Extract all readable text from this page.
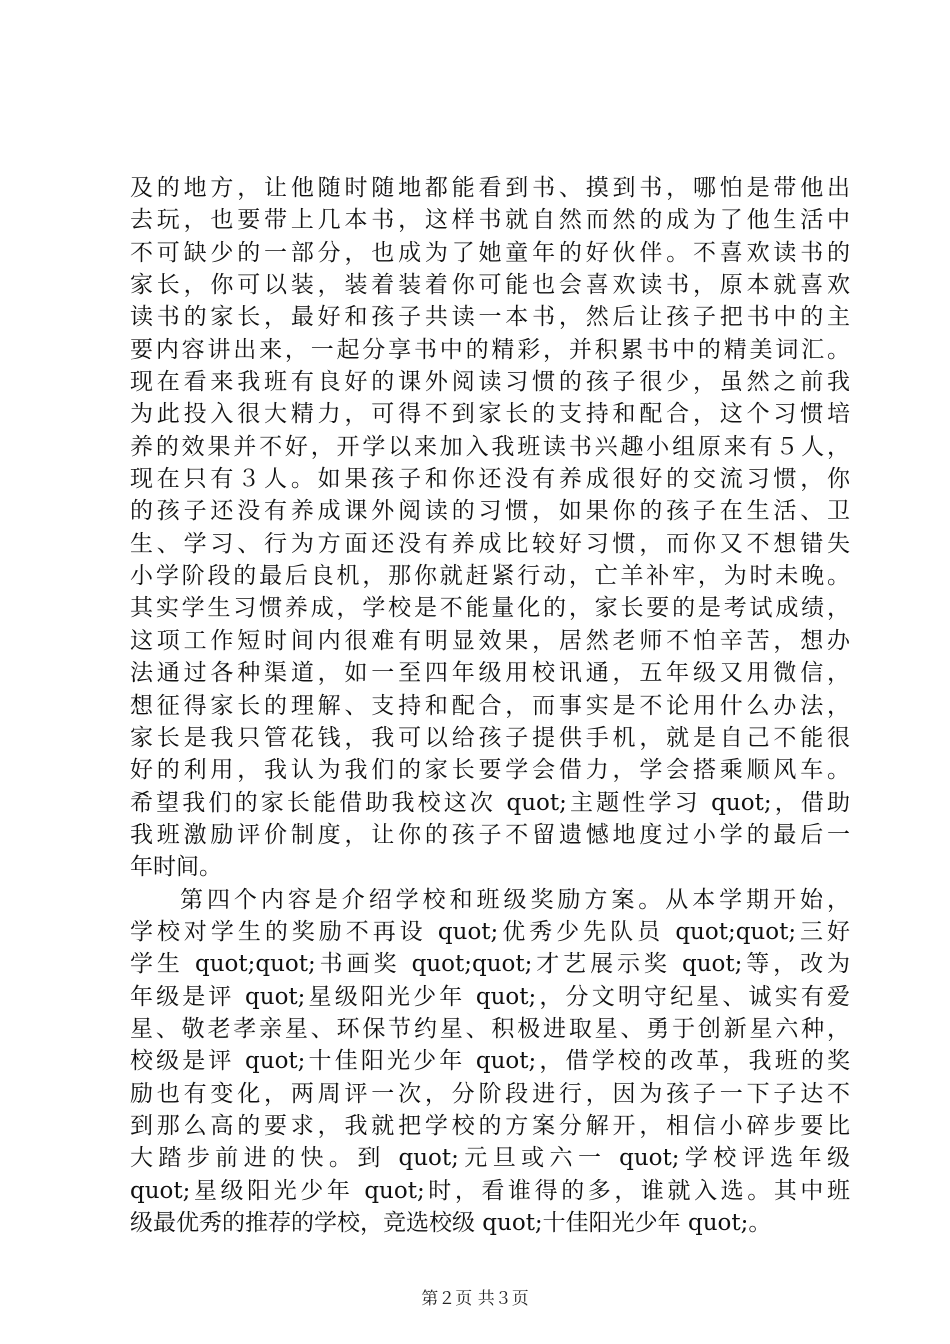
及的地方，让他随时随地都能看到书、摸到书，哪怕是带他出
去玩，也要带上几本书，这样书就自然而然的成为了他生活中
不可缺少的一部分，也成为了她童年的好伙伴。不喜欢读书的
家长，你可以装，装着装着你可能也会喜欢读书，原本就喜欢
读书的家长，最好和孩子共读一本书，然后让孩子把书中的主
要内容讲出来，一起分享书中的精彩，并积累书中的精美词汇。
现在看来我班有良好的课外阅读习惯的孩子很少，虽然之前我
为此投入很大精力，可得不到家长的支持和配合，这个习惯培
养的效果并不好，开学以来加入我班读书兴趣小组原来有５人，
现在只有３人。如果孩子和你还没有养成很好的交流习惯，你
的孩子还没有养成课外阅读的习惯，如果你的孩子在生活、卫
生、学习、行为方面还没有养成比较好习惯，而你又不想错失
小学阶段的最后良机，那你就赶紧行动，亡羊补牢，为时未晚。
其实学生习惯养成，学校是不能量化的，家长要的是考试成绩，
这项工作短时间内很难有明显效果，居然老师不怕辛苦，想办
法通过各种渠道，如一至四年级用校讯通，五年级又用微信，
想征得家长的理解、支持和配合，而事实是不论用什么办法，
家长是我只管花钱，我可以给孩子提供手机，就是自己不能很
好的利用，我认为我们的家长要学会借力，学会搭乘顺风车。
希望我们的家长能借助我校这次 quot;主题性学习 quot;，借助
我班激励评价制度，让你的孩子不留遗憾地度过小学的最后一
年时间。
第四个内容是介绍学校和班级奖励方案。从本学期开始，
学校对学生的奖励不再设 quot;优秀少先队员 quot;quot;三好
学生 quot;quot;书画奖 quot;quot;才艺展示奖 quot;等，改为
年级是评 quot;星级阳光少年 quot;，分文明守纪星、诚实有爱
星、敬老孝亲星、环保节约星、积极进取星、勇于创新星六种，
校级是评 quot;十佳阳光少年 quot;，借学校的改革，我班的奖
励也有变化，两周评一次，分阶段进行，因为孩子一下子达不
到那么高的要求，我就把学校的方案分解开，相信小碎步要比
大踏步前进的快。到 quot;元旦或六一 quot;学校评选年级
quot;星级阳光少年 quot;时，看谁得的多，谁就入选。其中班
级最优秀的推荐的学校，竞选校级 quot;十佳阳光少年 quot;。
第２页 共３页
